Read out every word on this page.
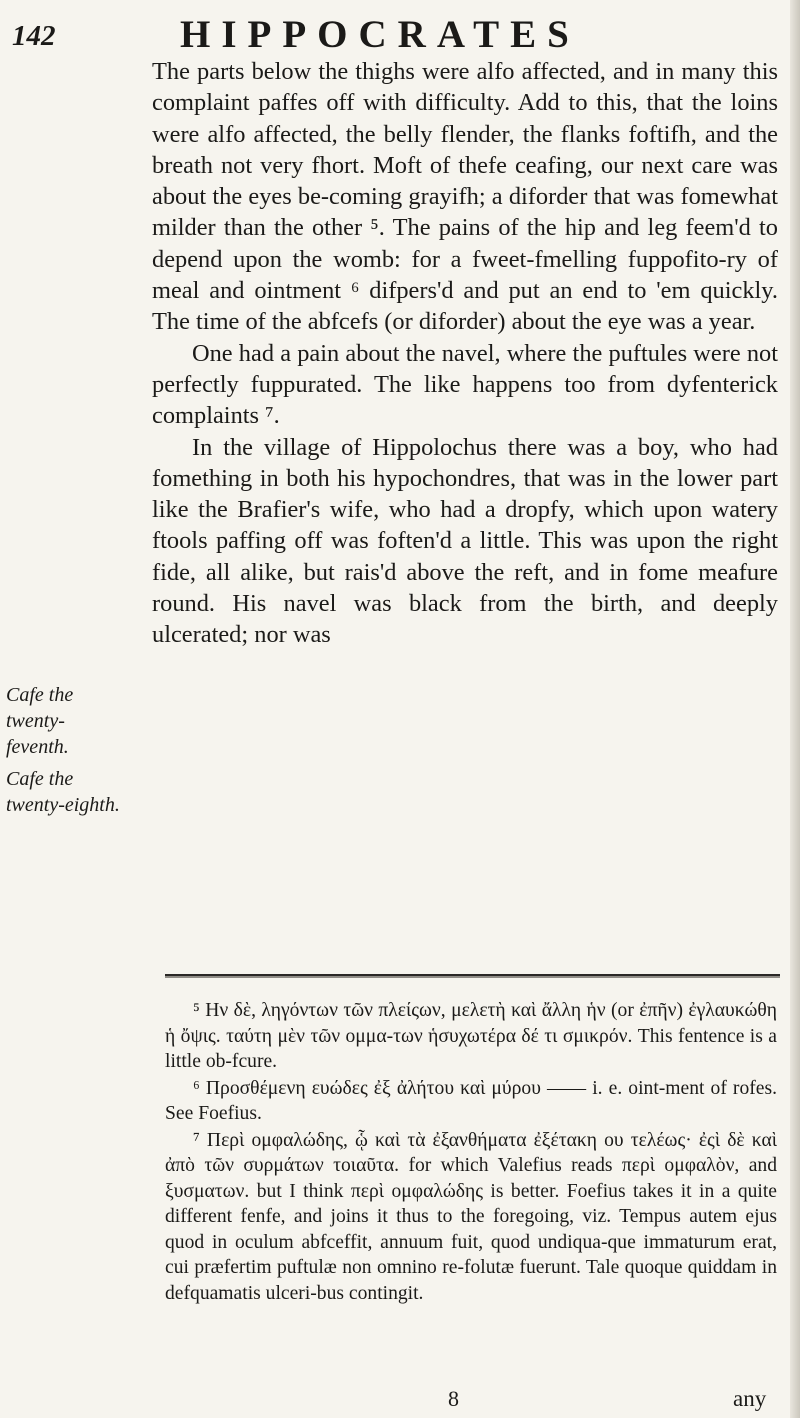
142	HIPPOCRATES

The parts below the thighs were alfo affected, and in many this complaint paffes off with difficulty. Add to this, that the loins were alfo affected, the belly flender, the flanks foftifh, and the breath not very fhort. Moft of thefe ceafing, our next care was about the eyes be-coming grayifh; a diforder that was fomewhat milder than the other ⁵. The pains of the hip and leg feem'd to depend upon the womb: for a fweet-fmelling fuppofito-ry of meal and ointment ⁶ difpers'd and put an end to 'em quickly. The time of the abfcefs (or diforder) about the eye was a year.

One had a pain about the navel, where the puftules were not perfectly fuppurated. The like happens too from dyfenterick complaints ⁷.

In the village of Hippolochus there was a boy, who had fomething in both his hypochondres, that was in the lower part like the Brafier's wife, who had a dropfy, which upon watery ftools paffing off was foften'd a little. This was upon the right fide, all alike, but rais'd above the reft, and in fome meafure round. His navel was black from the birth, and deeply ulcerated; nor was

Cafe the twenty-feventh.
Cafe the twenty-eighth.

⁵ Ην δὲ, ληγόντων τῶν πλείςων, μελετὴ καὶ ἄλλη ἡν (or ἐπῆν) ἐγλαυκώθη ἡ ὄψις. ταύτη μὲν τῶν ομμα-των ἡσυχωτέρα δέ τι σμικρόν. This fentence is a little ob-fcure.

⁶ Προσθέμενη ευώδες ἐξ ἀλήτου καὶ μύρου —— i. e. oint-ment of rofes. See Foefius.

⁷ Περὶ ομφαλώδης, ᾧ καὶ τὰ ἐξανθήματα ἐξέτακη ου τελέως· ἐςὶ δὲ καὶ ἀπὸ τῶν συρμάτων τοιαῦτα. for which Valefius reads περὶ ομφαλὸν, and ξυσματων. but I think περὶ ομφαλώδης is better. Foefius takes it in a quite different fenfe, and joins it thus to the foregoing, viz. Tempus autem ejus quod in oculum abfceffit, annuum fuit, quod undiqua-que immaturum erat, cui præfertim puftulæ non omnino re-folutæ fuerunt. Tale quoque quiddam in defquamatis ulceri-bus contingit.

8	any
